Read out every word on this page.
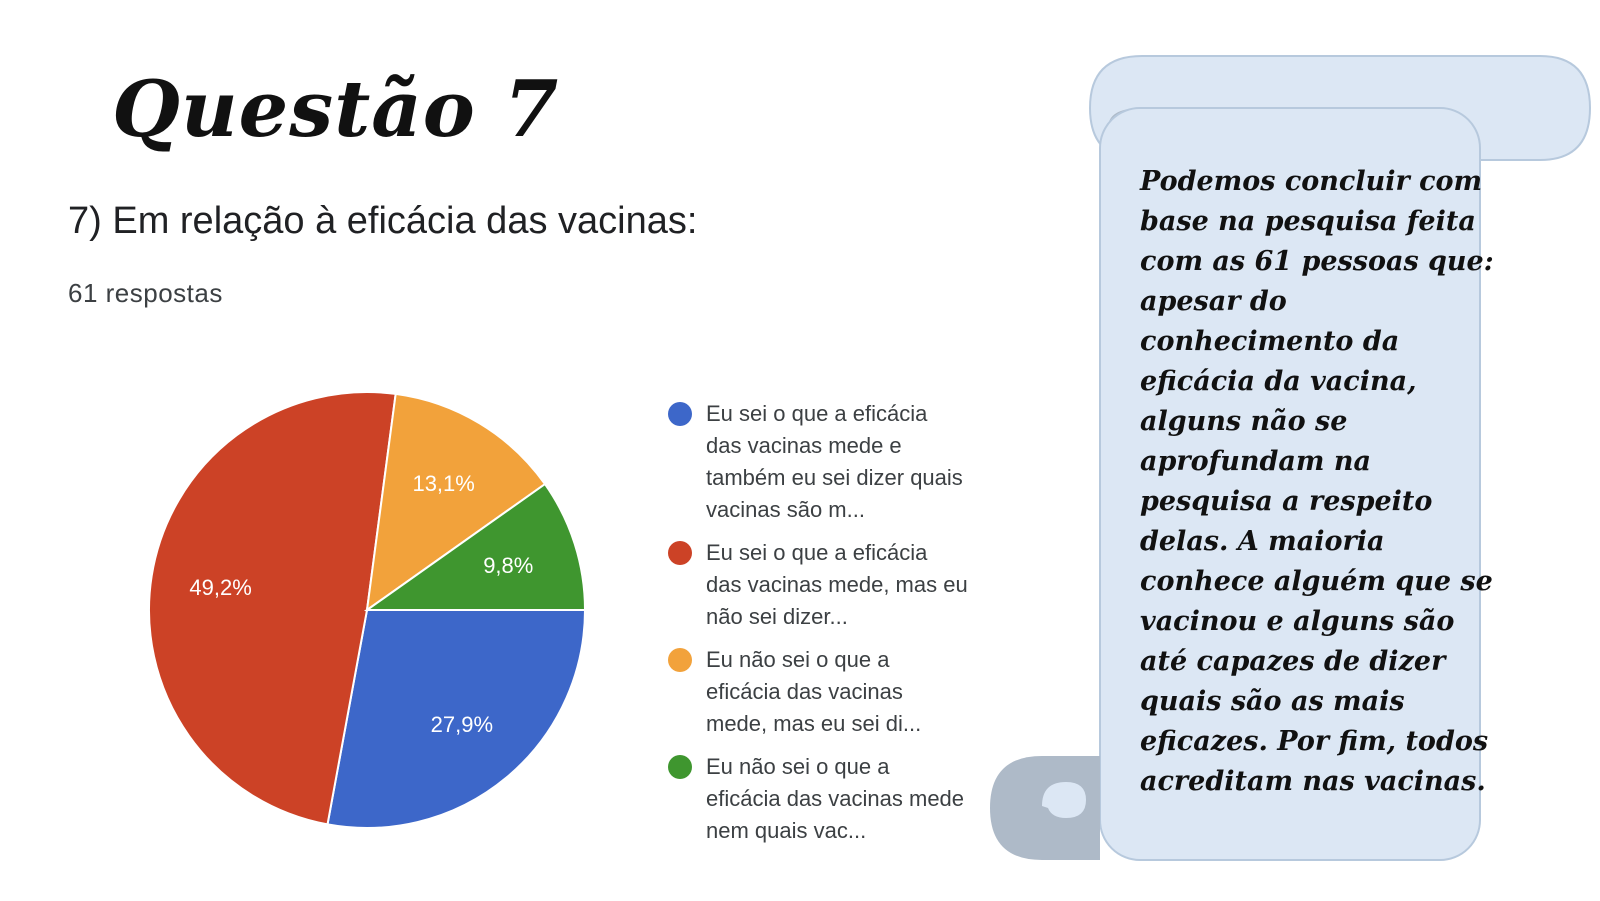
Questão 7
7) Em relação à eficácia das vacinas:
61 respostas
27,9%
49,2%
13,1%
9,8%
Eu sei o que a eficácia das vacinas mede e também eu sei dizer quais vacinas são m...
Eu sei o que a eficácia das vacinas mede, mas eu não sei dizer...
Eu não sei o que a eficácia das vacinas mede, mas eu sei di...
Eu não sei o que a eficácia das vacinas mede nem quais vac...
Podemos concluir com base na pesquisa feita com as 61 pessoas que: apesar do conhecimento da eficácia da vacina, alguns não se aprofundam na pesquisa a respeito delas. A maioria conhece alguém que se vacinou e alguns são até capazes de dizer quais são as mais eficazes. Por fim, todos acreditam nas vacinas.
